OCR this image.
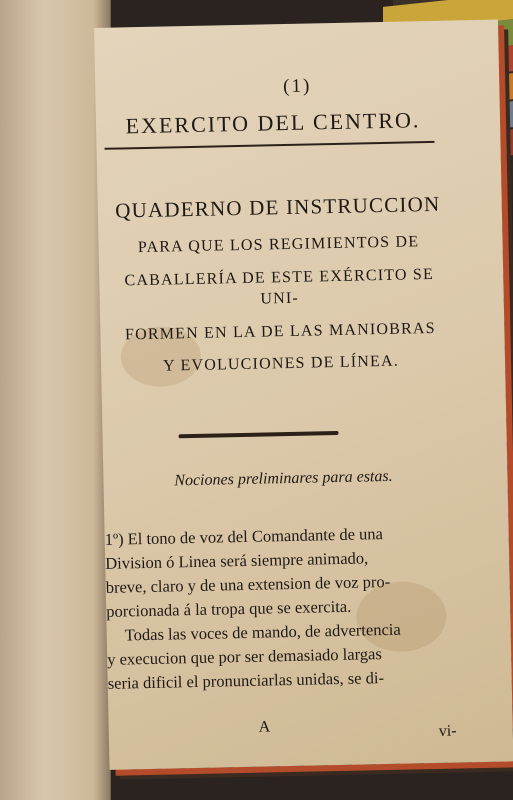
(1)
EXERCITO DEL CENTRO.
QUADERNO DE INSTRUCCION
PARA QUE LOS REGIMIENTOS DE
CABALLERÍA DE ESTE EXÉRCITO SE UNI-
FORMEN EN LA DE LAS MANIOBRAS
Y EVOLUCIONES DE LÍNEA.
Nociones preliminares para estas.
1º) El tono de voz del Comandante de una
Division ó Linea será siempre animado,
breve, claro y de una extension de voz pro-
porcionada á la tropa que se exercita.
Todas las voces de mando, de advertencia
y execucion que por ser demasiado largas
seria dificil el pronunciarlas unidas, se di-
A	vi-
